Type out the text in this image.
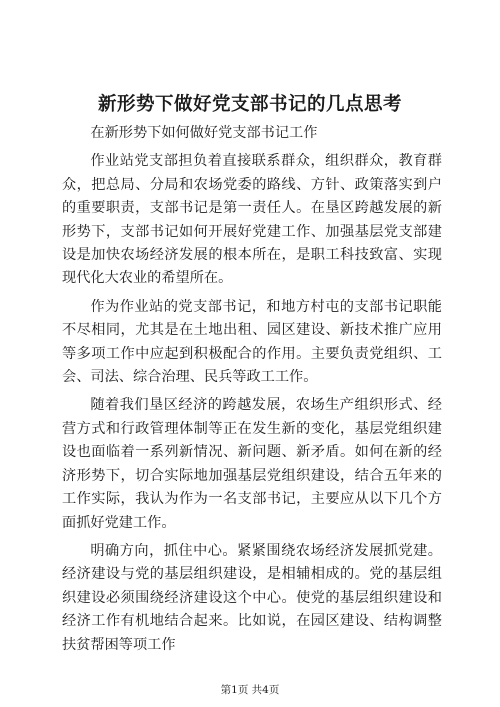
新形势下做好党支部书记的几点思考

在新形势下如何做好党支部书记工作

作业站党支部担负着直接联系群众，组织群众，教育群众，把总局、分局和农场党委的路线、方针、政策落实到户的重要职责，支部书记是第一责任人。在垦区跨越发展的新形势下，支部书记如何开展好党建工作、加强基层党支部建设是加快农场经济发展的根本所在，是职工科技致富、实现现代化大农业的希望所在。

作为作业站的党支部书记，和地方村屯的支部书记职能不尽相同，尤其是在土地出租、园区建设、新技术推广应用等多项工作中应起到积极配合的作用。主要负责党组织、工会、司法、综合治理、民兵等政工工作。

随着我们垦区经济的跨越发展，农场生产组织形式、经营方式和行政管理体制等正在发生新的变化，基层党组织建设也面临着一系列新情况、新问题、新矛盾。如何在新的经济形势下，切合实际地加强基层党组织建设，结合五年来的工作实际，我认为作为一名支部书记，主要应从以下几个方面抓好党建工作。

明确方向，抓住中心。紧紧围绕农场经济发展抓党建。经济建设与党的基层组织建设，是相辅相成的。党的基层组织建设必须围绕经济建设这个中心。使党的基层组织建设和经济工作有机地结合起来。比如说，在园区建设、结构调整扶贫帮困等项工作

第1页 共4页
